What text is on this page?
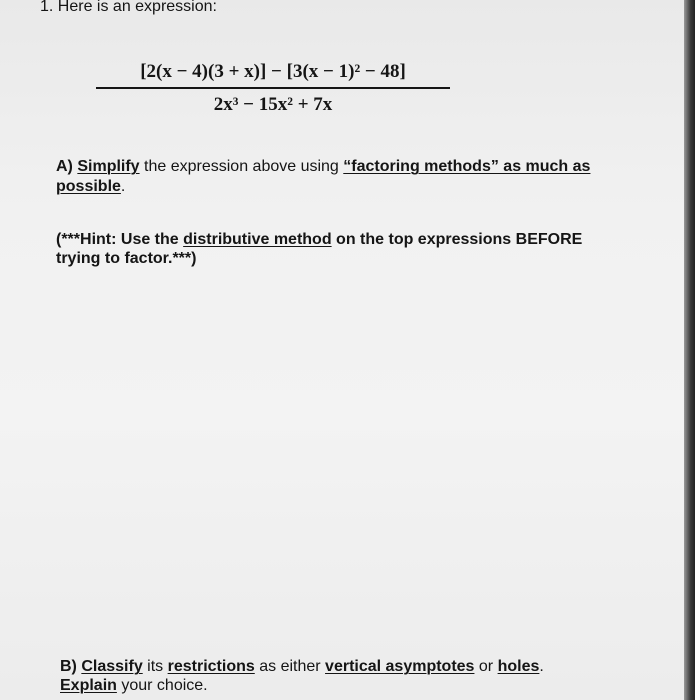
1. Here is an expression:
[2(x − 4)(3 + x)] − [3(x − 1)² − 48]
2x³ − 15x² + 7x
A) Simplify the expression above using “factoring methods” as much as
possible.
(***Hint: Use the distributive method on the top expressions BEFORE
trying to factor.***)
B) Classify its restrictions as either vertical asymptotes or holes.
Explain your choice.
